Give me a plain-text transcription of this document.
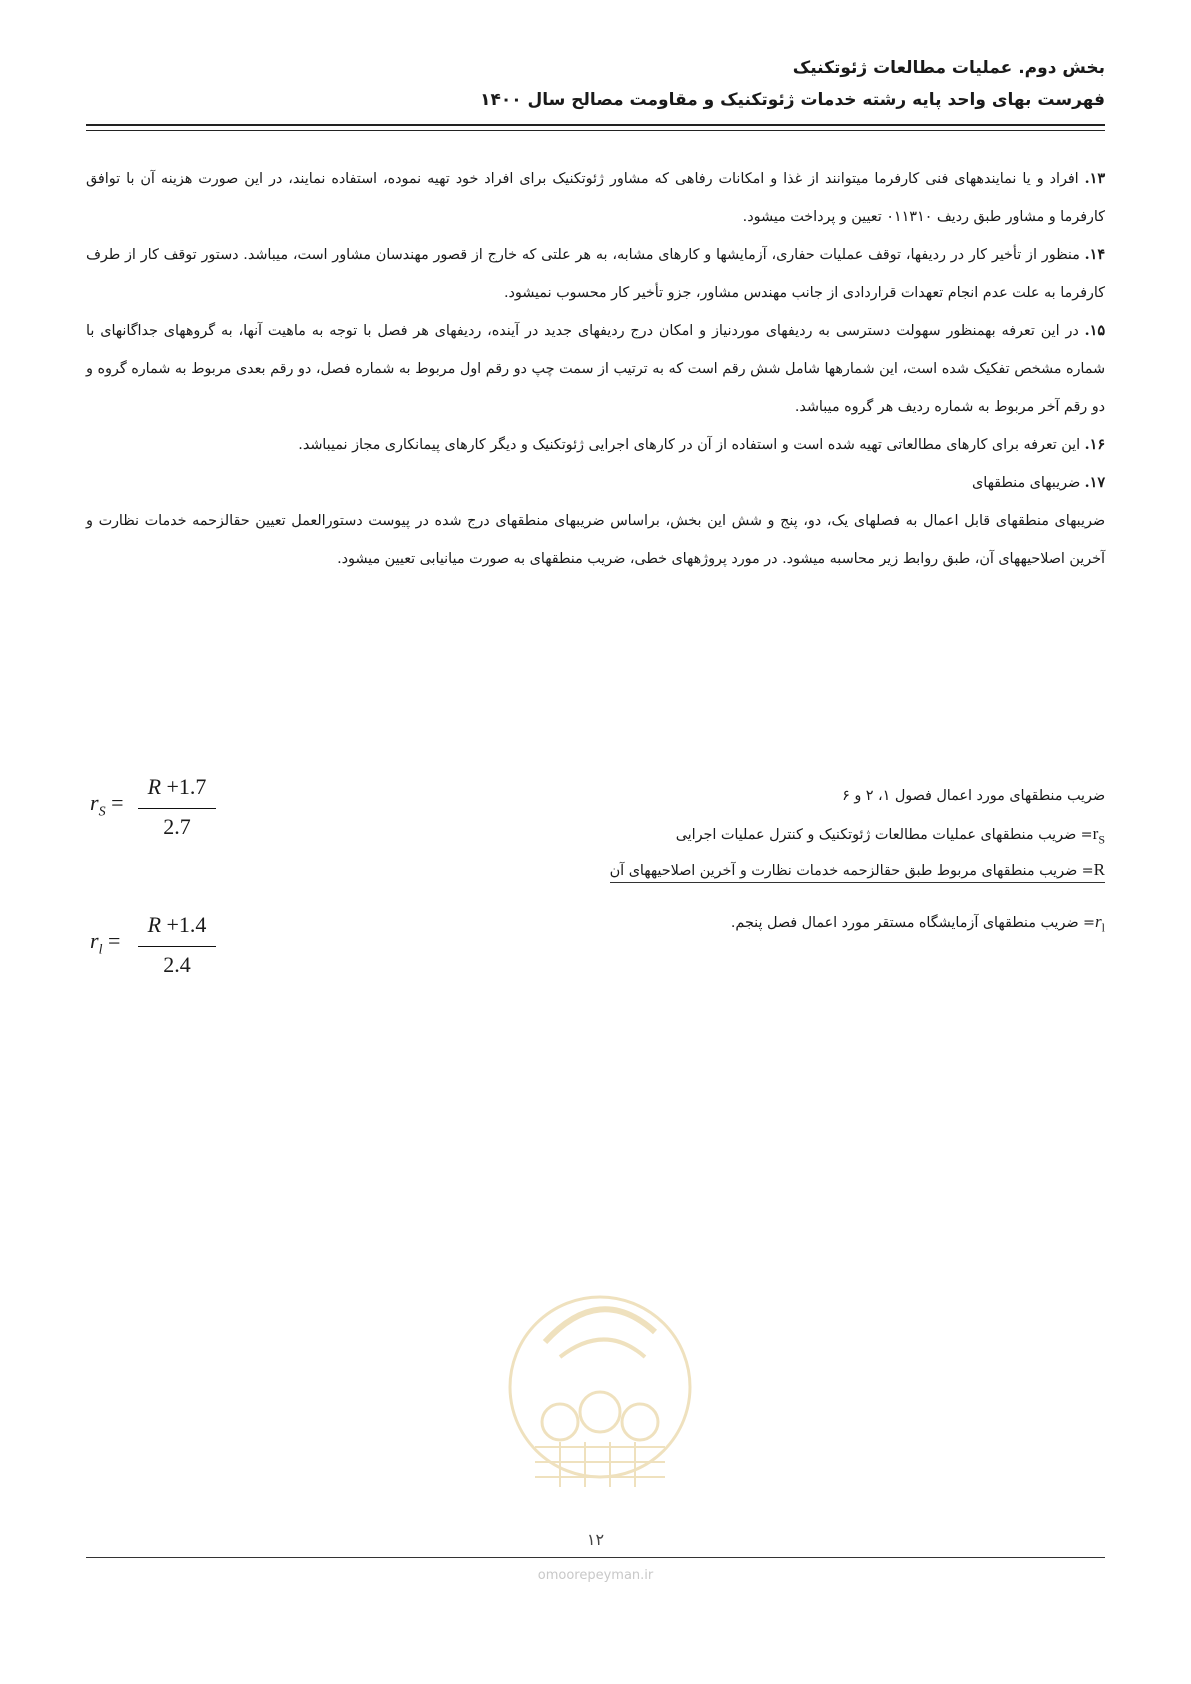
بخش دوم. عملیات مطالعات ژئوتکنیک
فهرست بهای واحد پایه رشته خدمات ژئوتکنیک و مقاومت مصالح سال ۱۴۰۰

۱۳. افراد و یا نمایندههای فنی کارفرما میتوانند از غذا و امکانات رفاهی که مشاور ژئوتکنیک برای افراد خود تهیه نموده، استفاده نمایند، در این صورت هزینه آن با توافق کارفرما و مشاور طبق ردیف ۰۱۱۳۱۰ تعیین و پرداخت میشود.

۱۴. منظور از تأخیر کار در ردیفها، توقف عملیات حفاری، آزمایشها و کارهای مشابه، به هر علتی که خارج از قصور مهندسان مشاور است، میباشد. دستور توقف کار از طرف کارفرما به علت عدم انجام تعهدات قراردادی از جانب مهندس مشاور، جزو تأخیر کار محسوب نمیشود.

۱۵. در این تعرفه بهمنظور سهولت دسترسی به ردیفهای موردنیاز و امکان درج ردیفهای جدید در آینده، ردیفهای هر فصل با توجه به ماهیت آنها، به گروههای جداگانهای با شماره مشخص تفکیک شده است، این شمارهها شامل شش رقم است که به ترتیب از سمت چپ دو رقم اول مربوط به شماره فصل، دو رقم بعدی مربوط به شماره گروه و دو رقم آخر مربوط به شماره ردیف هر گروه میباشد.

۱۶. این تعرفه برای کارهای مطالعاتی تهیه شده است و استفاده از آن در کارهای اجرایی ژئوتکنیک و دیگر کارهای پیمانکاری مجاز نمیباشد.

۱۷. ضریبهای منطقهای

ضریبهای منطقهای قابل اعمال به فصلهای یک، دو، پنج و شش این بخش، براساس ضریبهای منطقهای درج شده در پیوست دستورالعمل تعیین حقالزحمه خدمات نظارت و آخرین اصلاحیههای آن، طبق روابط زیر محاسبه میشود. در مورد پروژههای خطی، ضریب منطقهای به صورت میانیابی تعیین میشود.

$r_S$ =
R +1.7
2.7
$r_l$ =
R +1.4
2.4
ضریب منطقهای مورد اعمال فصول ۱، ۲ و ۶
$r_S=$ ضریب منطقهای عملیات مطالعات ژئوتکنیک و کنترل عملیات اجرایی
R= ضریب منطقهای مربوط طبق حقالزحمه خدمات نظارت و آخرین اصلاحیههای آن
$r_l=$ ضریب منطقهای آزمایشگاه مستقر مورد اعمال فصل پنجم.
۱۲
omoorepeyman.ir
